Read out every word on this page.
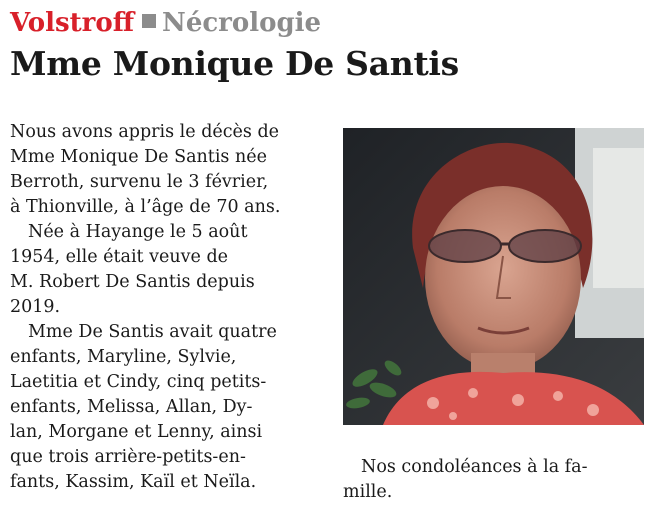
Volstroff Nécrologie
Mme Monique De Santis
Nous avons appris le décès de
Mme Monique De Santis née
Berroth, survenu le 3 février,
à Thionville, à l’âge de 70 ans.
Née à Hayange le 5 août
1954, elle était veuve de
M. Robert De Santis depuis
2019.
Mme De Santis avait quatre
enfants, Maryline, Sylvie,
Laetitia et Cindy, cinq petits-
enfants, Melissa, Allan, Dy-
lan, Morgane et Lenny, ainsi
que trois arrière-petits-en-
fants, Kassim, Kaïl et Neïla.
Nos condoléances à la fa-
mille.
